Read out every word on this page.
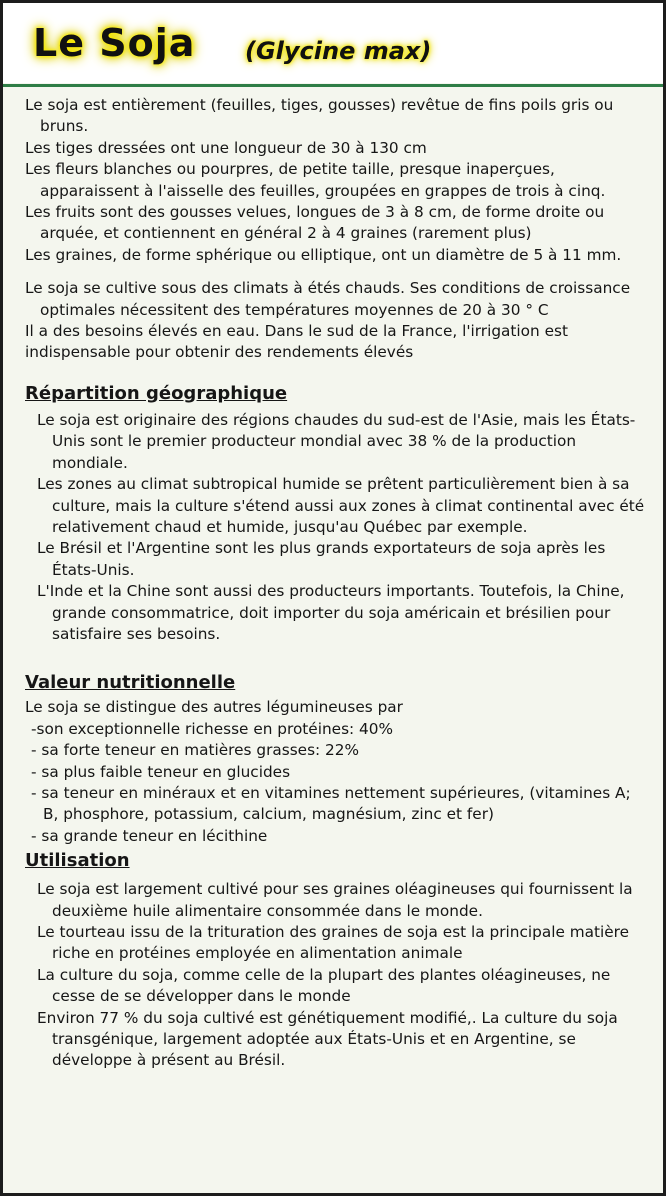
Le Soja (Glycine max)

Le soja est entièrement (feuilles, tiges, gousses) revêtue de fins poils gris ou bruns.

Les tiges dressées ont une longueur de 30 à 130 cm

Les fleurs blanches ou pourpres, de petite taille, presque inaperçues, apparaissent à l'aisselle des feuilles, groupées en grappes de trois à cinq.

Les fruits sont des gousses velues, longues de 3 à 8 cm, de forme droite ou arquée, et contiennent en général 2 à 4 graines (rarement plus)

Les graines, de forme sphérique ou elliptique, ont un diamètre de 5 à 11 mm.

Le soja se cultive sous des climats à étés chauds. Ses conditions de croissance optimales nécessitent des températures moyennes de 20 à 30 ° C

Il a des besoins élevés en eau. Dans le sud de la France, l'irrigation est indispensable pour obtenir des rendements élevés

Répartition géographique

Le soja est originaire des régions chaudes du sud-est de l'Asie, mais les États-Unis sont le premier producteur mondial avec 38 % de la production mondiale.

Les zones au climat subtropical humide se prêtent particulièrement bien à sa culture, mais la culture s'étend aussi aux zones à climat continental avec été relativement chaud et humide, jusqu'au Québec par exemple.

Le Brésil et l'Argentine sont les plus grands exportateurs de soja après les États-Unis.

L'Inde et la Chine sont aussi des producteurs importants. Toutefois, la Chine, grande consommatrice, doit importer du soja américain et brésilien pour satisfaire ses besoins.

Valeur nutritionnelle

Le soja se distingue des autres légumineuses par

-son exceptionnelle richesse en protéines: 40%
- sa forte teneur en matières grasses: 22%
- sa plus faible teneur en glucides
- sa teneur en minéraux et en vitamines nettement supérieures, (vitamines A; B, phosphore, potassium, calcium, magnésium, zinc et fer)
- sa grande teneur en lécithine
Utilisation

Le soja est largement cultivé pour ses graines oléagineuses qui fournissent la deuxième huile alimentaire consommée dans le monde.

Le tourteau issu de la trituration des graines de soja est la principale matière riche en protéines employée en alimentation animale

La culture du soja, comme celle de la plupart des plantes oléagineuses, ne cesse de se développer dans le monde

Environ 77 % du soja cultivé est génétiquement modifié,. La culture du soja transgénique, largement adoptée aux États-Unis et en Argentine, se développe à présent au Brésil.
